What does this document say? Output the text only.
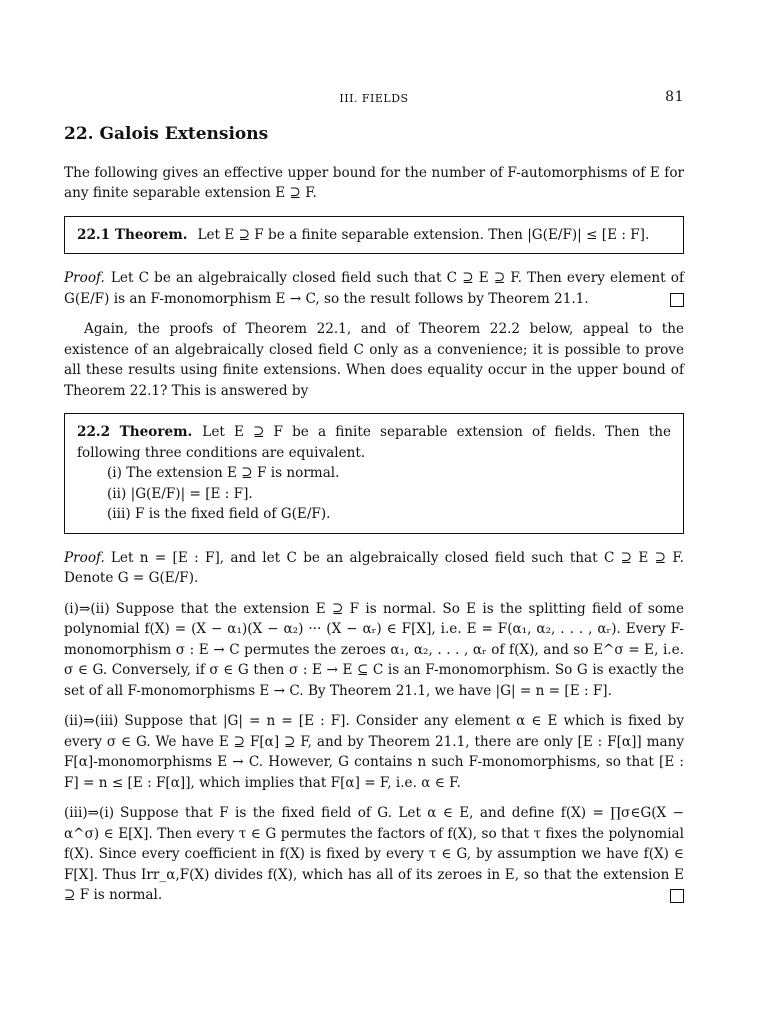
III. FIELDS	81
22. Galois Extensions

The following gives an effective upper bound for the number of F-automorphisms of E for any finite separable extension E ⊇ F.

22.1 Theorem. Let E ⊇ F be a finite separable extension. Then |G(E/F)| ≤ [E : F].

Proof. Let C be an algebraically closed field such that C ⊇ E ⊇ F. Then every element of G(E/F) is an F-monomorphism E → C, so the result follows by Theorem 21.1.

Again, the proofs of Theorem 22.1, and of Theorem 22.2 below, appeal to the existence of an algebraically closed field C only as a convenience; it is possible to prove all these results using finite extensions. When does equality occur in the upper bound of Theorem 22.1? This is answered by

22.2 Theorem. Let E ⊇ F be a finite separable extension of fields. Then the following three conditions are equivalent.
(i) The extension E ⊇ F is normal.
(ii) |G(E/F)| = [E : F].
(iii) F is the fixed field of G(E/F).

Proof. Let n = [E : F], and let C be an algebraically closed field such that C ⊇ E ⊇ F. Denote G = G(E/F).

(i)⇒(ii) Suppose that the extension E ⊇ F is normal. So E is the splitting field of some polynomial f(X) = (X − α₁)(X − α₂) ··· (X − αᵣ) ∈ F[X], i.e. E = F(α₁, α₂, . . . , αᵣ). Every F-monomorphism σ : E → C permutes the zeroes α₁, α₂, . . . , αᵣ of f(X), and so E^σ = E, i.e. σ ∈ G. Conversely, if σ ∈ G then σ : E → E ⊆ C is an F-monomorphism. So G is exactly the set of all F-monomorphisms E → C. By Theorem 21.1, we have |G| = n = [E : F].

(ii)⇒(iii) Suppose that |G| = n = [E : F]. Consider any element α ∈ E which is fixed by every σ ∈ G. We have E ⊇ F[α] ⊇ F, and by Theorem 21.1, there are only [E : F[α]] many F[α]-monomorphisms E → C. However, G contains n such F-monomorphisms, so that [E : F] = n ≤ [E : F[α]], which implies that F[α] = F, i.e. α ∈ F.

(iii)⇒(i) Suppose that F is the fixed field of G. Let α ∈ E, and define f(X) = ∏σ∈G(X − α^σ) ∈ E[X]. Then every τ ∈ G permutes the factors of f(X), so that τ fixes the polynomial f(X). Since every coefficient in f(X) is fixed by every τ ∈ G, by assumption we have f(X) ∈ F[X]. Thus Irr_α,F(X) divides f(X), which has all of its zeroes in E, so that the extension E ⊇ F is normal.
